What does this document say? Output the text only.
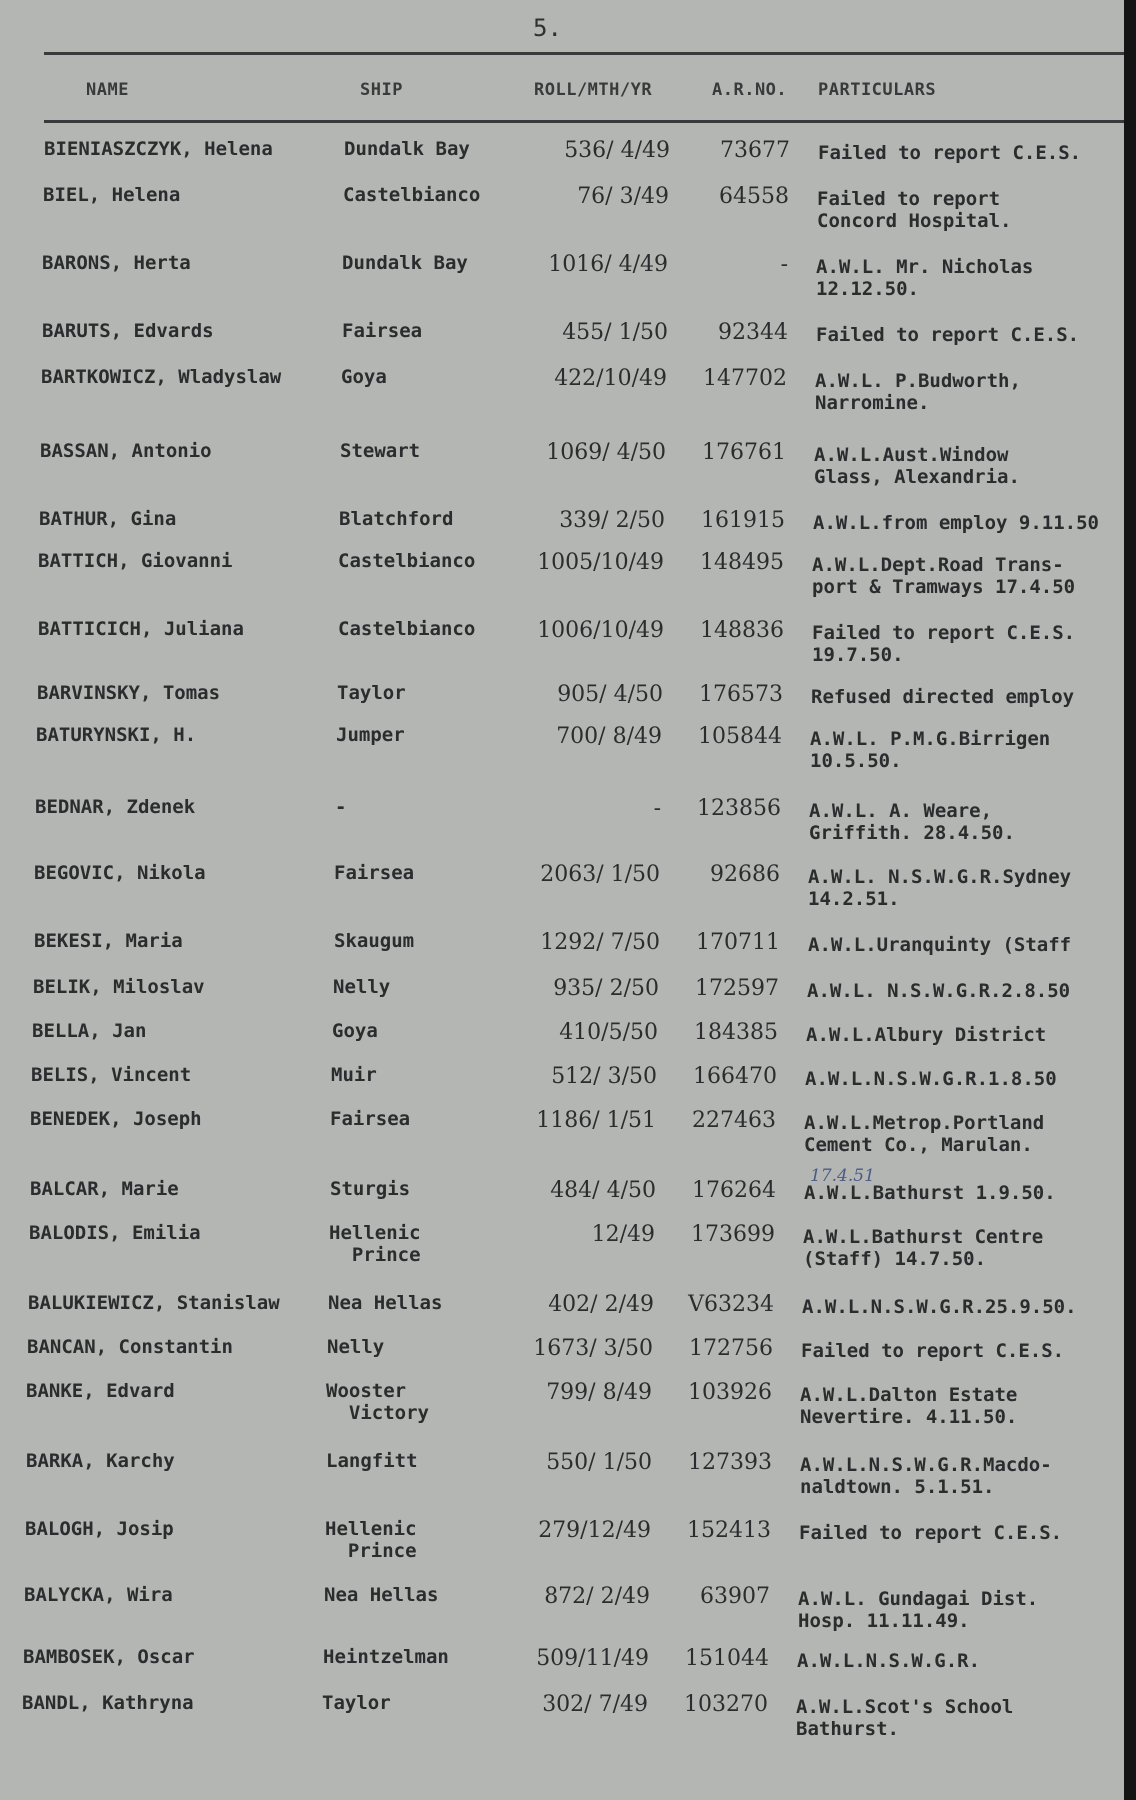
5.
NAME	SHIP	ROLL/MTH/YR	A.R.NO. PARTICULARS
BIENIASZCZYK, Helena	Dundalk Bay	536/ 4/49	73677 Failed to report C.E.S.
BIEL, Helena	Castelbianco	76/ 3/49	64558 Failed to report
Concord Hospital.
BARONS, Herta	Dundalk Bay	1016/ 4/49	- A.W.L. Mr. Nicholas
12.12.50.
BARUTS, Edvards	Fairsea	455/ 1/50	92344 Failed to report C.E.S.
BARTKOWICZ, Wladyslaw	Goya	422/10/49	147702 A.W.L. P.Budworth,
Narromine.
BASSAN, Antonio	Stewart	1069/ 4/50	176761 A.W.L.Aust.Window
Glass, Alexandria.
BATHUR, Gina	Blatchford	339/ 2/50	161915 A.W.L.from employ 9.11.50
BATTICH, Giovanni	Castelbianco	1005/10/49	148495 A.W.L.Dept.Road Trans-
port & Tramways 17.4.50
BATTICICH, Juliana	Castelbianco	1006/10/49	148836 Failed to report C.E.S.
19.7.50.
BARVINSKY, Tomas	Taylor	905/ 4/50	176573 Refused directed employ
BATURYNSKI, H.	Jumper	700/ 8/49	105844 A.W.L. P.M.G.Birrigen
10.5.50.
BEDNAR, Zdenek	-	-	123856 A.W.L. A. Weare,
Griffith. 28.4.50.
BEGOVIC, Nikola	Fairsea	2063/ 1/50	92686 A.W.L. N.S.W.G.R.Sydney
14.2.51.
BEKESI, Maria	Skaugum	1292/ 7/50	170711 A.W.L.Uranquinty (Staff
BELIK, Miloslav	Nelly	935/ 2/50	172597 A.W.L. N.S.W.G.R.2.8.50
BELLA, Jan	Goya	410/5/50	184385 A.W.L.Albury District
BELIS, Vincent	Muir	512/ 3/50	166470 A.W.L.N.S.W.G.R.1.8.50
BENEDEK, Joseph	Fairsea	1186/ 1/51	227463 A.W.L.Metrop.Portland
Cement Co., Marulan.
BALCAR, Marie	Sturgis	484/ 4/50	176264 A.W.L.Bathurst 1.9.50.
BALODIS, Emilia	Hellenic
Prince
12/49	173699 A.W.L.Bathurst Centre
(Staff) 14.7.50.
BALUKIEWICZ, Stanislaw	Nea Hellas	402/ 2/49	V63234 A.W.L.N.S.W.G.R.25.9.50.
BANCAN, Constantin	Nelly	1673/ 3/50	172756 Failed to report C.E.S.
BANKE, Edvard	Wooster
Victory
799/ 8/49	103926 A.W.L.Dalton Estate
Nevertire. 4.11.50.
BARKA, Karchy	Langfitt	550/ 1/50	127393 A.W.L.N.S.W.G.R.Macdo-
naldtown. 5.1.51.
BALOGH, Josip	Hellenic
Prince
279/12/49	152413 Failed to report C.E.S.
BALYCKA, Wira	Nea Hellas	872/ 2/49	63907 A.W.L. Gundagai Dist.
Hosp. 11.11.49.
BAMBOSEK, Oscar	Heintzelman	509/11/49	151044 A.W.L.N.S.W.G.R.
BANDL, Kathryna	Taylor	302/ 7/49	103270 A.W.L.Scot's School
Bathurst.
17.4.51
